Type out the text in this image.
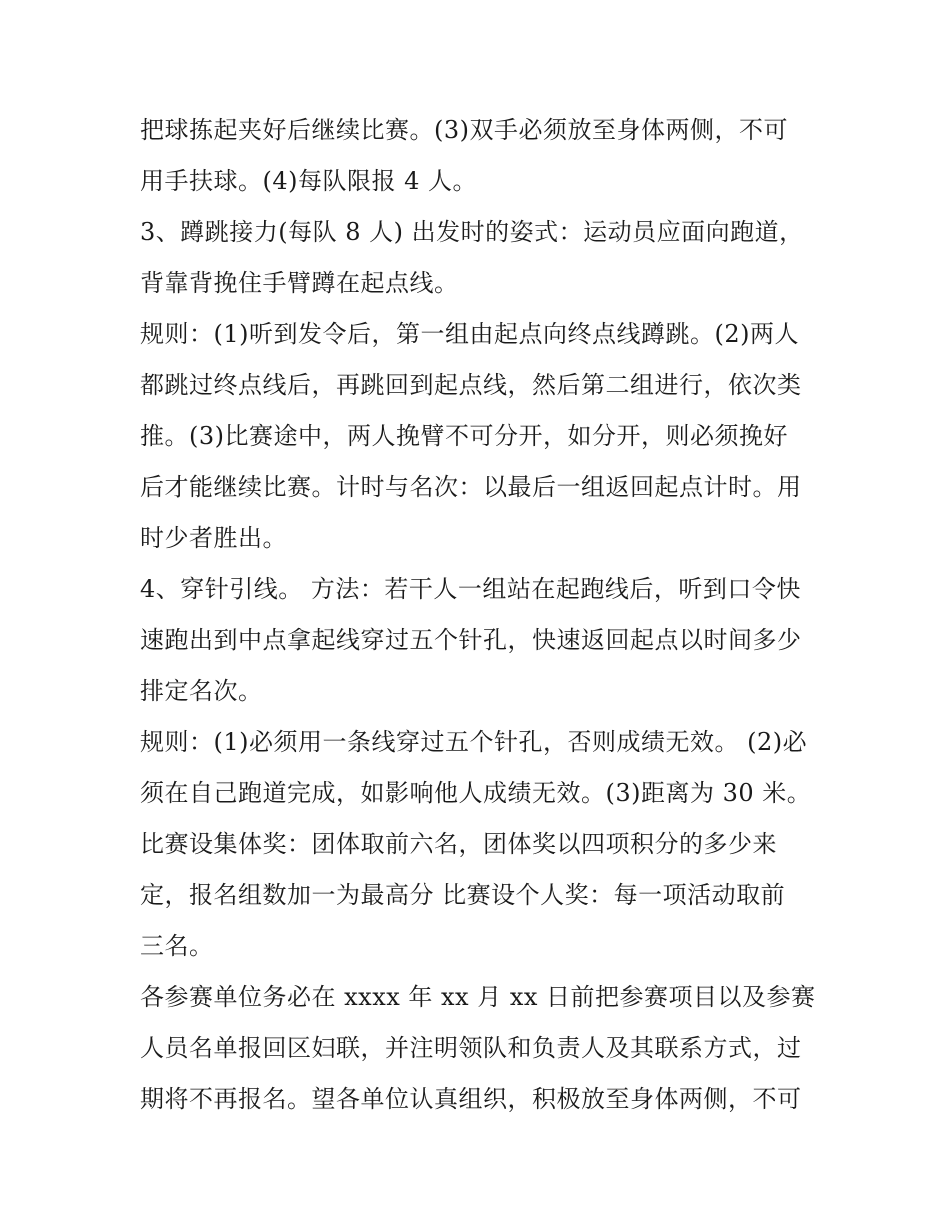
把球拣起夹好后继续比赛。(3)双手必须放至身体两侧，不可
用手扶球。(4)每队限报 4 人。
3、蹲跳接力(每队 8 人) 出发时的姿式：运动员应面向跑道，
背靠背挽住手臂蹲在起点线。
规则：(1)听到发令后，第一组由起点向终点线蹲跳。(2)两人
都跳过终点线后，再跳回到起点线，然后第二组进行，依次类
推。(3)比赛途中，两人挽臂不可分开，如分开，则必须挽好
后才能继续比赛。计时与名次：以最后一组返回起点计时。用
时少者胜出。
4、穿针引线。 方法：若干人一组站在起跑线后，听到口令快
速跑出到中点拿起线穿过五个针孔，快速返回起点以时间多少
排定名次。
规则：(1)必须用一条线穿过五个针孔，否则成绩无效。 (2)必
须在自己跑道完成，如影响他人成绩无效。(3)距离为 30 米。
比赛设集体奖：团体取前六名，团体奖以四项积分的多少来
定，报名组数加一为最高分 比赛设个人奖：每一项活动取前
三名。
各参赛单位务必在 xxxx 年 xx 月 xx 日前把参赛项目以及参赛
人员名单报回区妇联，并注明领队和负责人及其联系方式，过
期将不再报名。望各单位认真组织，积极放至身体两侧，不可
